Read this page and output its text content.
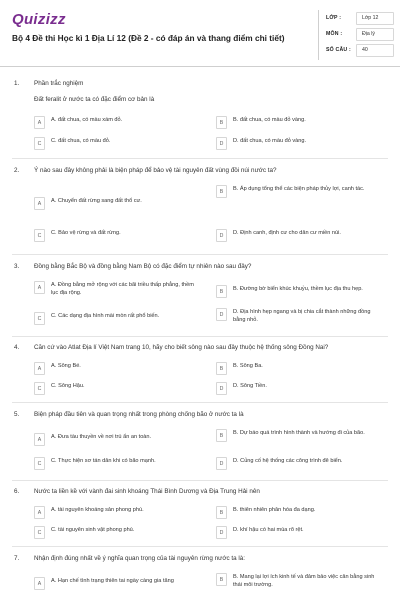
Quizizz
Bộ 4 Đề thi Học kì 1 Địa Lí 12 (Đề 2 - có đáp án và thang điểm chi tiết)
LỚP :	Lớp 12
MÔN :	Địa lý
SỐ CÂU :	40
1. Phần trắc nghiệm
Đất feralit ở nước ta có đặc điểm cơ bản là
A	A. đất chua, có màu xám đỏ.	B	B. đất chua, có màu đỏ vàng.
C	C. đất chua, có màu đỏ.	D	D. đất chua, có màu đỏ vàng.
2. Ý nào sau đây không phải là biện pháp để bảo vệ tài nguyên đất vùng đồi núi nước ta?
A	A. Chuyển đất rừng sang đất thổ cư.
B	B. Áp dụng tổng thể các biện pháp thủy lợi, canh tác.
C	C. Bảo vệ rừng và đất rừng.	D	D. Định canh, định cư cho dân cư miền núi.
3. Đồng bằng Bắc Bộ và đồng bằng Nam Bộ có đặc điểm tự nhiên nào sau đây?
A	A. Đồng bằng mở rộng với các bãi triều thấp phẳng, thềm lục địa rộng.	B	B. Đường bờ biển khúc khuỷu, thềm lục địa thu hẹp.
C	C. Các dạng địa hình mài mòn rất phổ biến.	D	D. Địa hình hẹp ngang và bị chia cắt thành những đồng bằng nhỏ.
4. Căn cứ vào Atlat Địa lí Việt Nam trang 10, hãy cho biết sông nào sau đây thuộc hệ thống sông Đồng Nai?
A	A. Sông Bé.	B	B. Sông Ba.
C	C. Sông Hậu.	D	D. Sông Tiền.
5. Biện pháp đầu tiên và quan trọng nhất trong phòng chống bão ở nước ta là
A	A. Đưa tàu thuyền về nơi trú ẩn an toàn.	B	B. Dự báo quá trình hình thành và hướng đi của bão.
C	C. Thực hiện sơ tán dân khi có bão mạnh.	D	D. Củng cố hệ thống các công trình đê biển.
6. Nước ta liền kề với vành đai sinh khoáng Thái Bình Dương và Địa Trung Hải nên
A	A. tài nguyên khoáng sản phong phú.	B	B. thiên nhiên phân hóa đa dạng.
C	C. tài nguyên sinh vật phong phú.	D	D. khí hậu có hai mùa rõ rệt.
7. Nhận định đúng nhất về ý nghĩa quan trọng của tài nguyên rừng nước ta là:
A	A. Hạn chế tình trạng thiên tai ngày càng gia tăng	B	B. Mang lại lợi ích kinh tế và đảm bảo việc cân bằng sinh thái môi trường.
